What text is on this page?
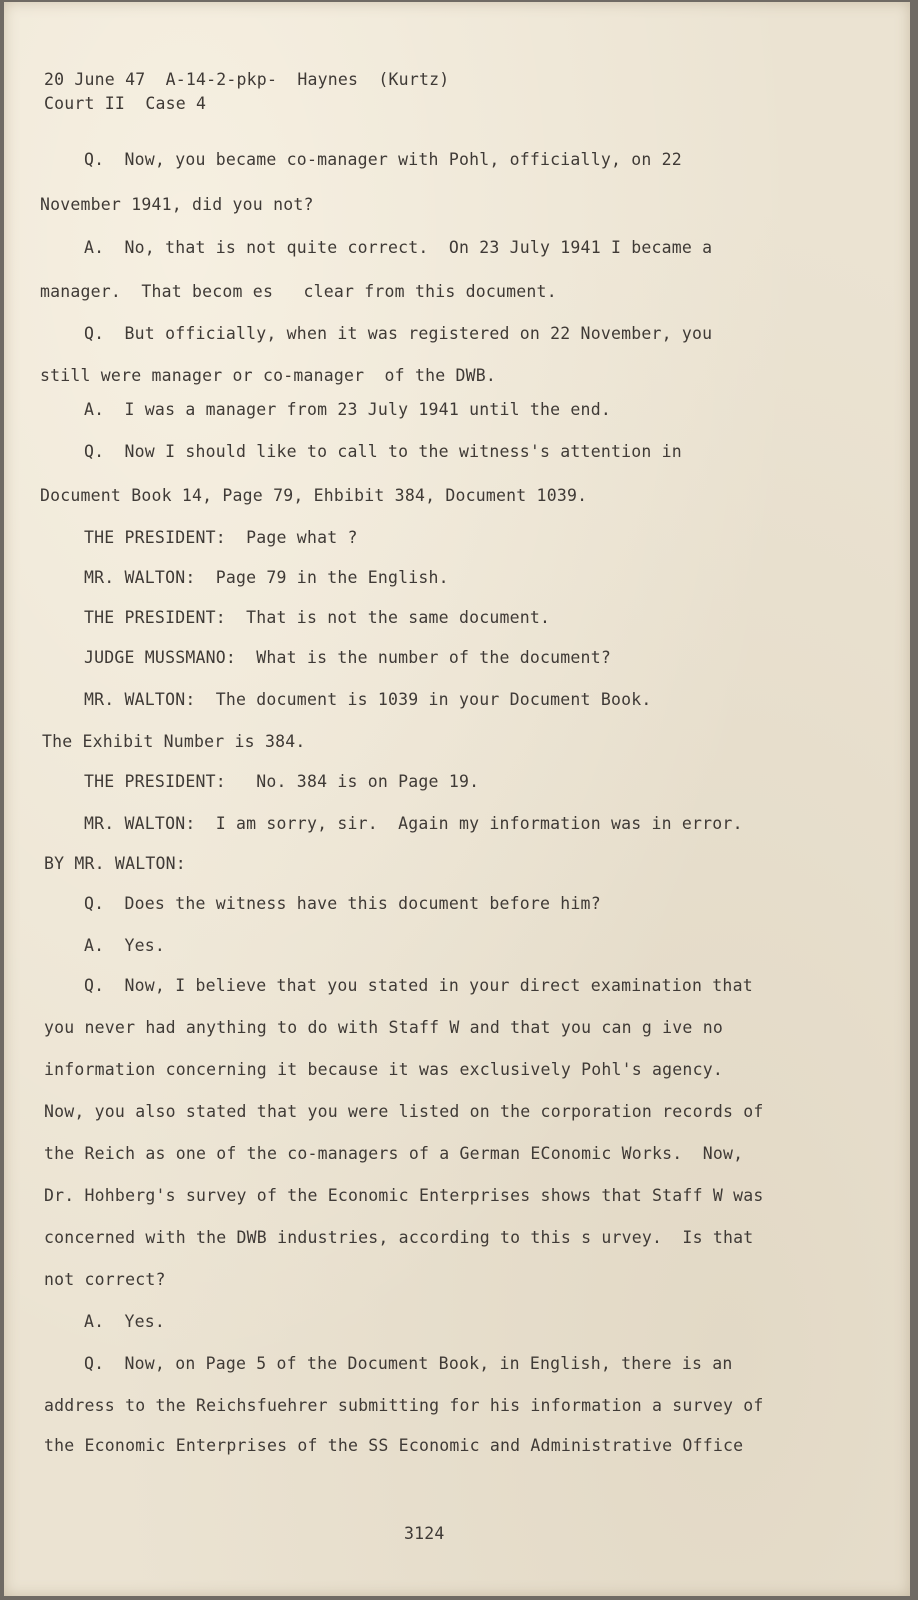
20 June 47  A-14-2-pkp-  Haynes  (Kurtz)
Court II  Case 4
Q.  Now, you became co-manager with Pohl, officially, on 22
November 1941, did you not?
A.  No, that is not quite correct.  On 23 July 1941 I became a
manager.  That becom es   clear from this document.
Q.  But officially, when it was registered on 22 November, you
still were manager or co-manager  of the DWB.
A.  I was a manager from 23 July 1941 until the end.
Q.  Now I should like to call to the witness's attention in
Document Book 14, Page 79, Ehbibit 384, Document 1039.
THE PRESIDENT:  Page what ?
MR. WALTON:  Page 79 in the English.
THE PRESIDENT:  That is not the same document.
JUDGE MUSSMANO:  What is the number of the document?
MR. WALTON:  The document is 1039 in your Document Book.
The Exhibit Number is 384.
THE PRESIDENT:   No. 384 is on Page 19.
MR. WALTON:  I am sorry, sir.  Again my information was in error.
BY MR. WALTON:
Q.  Does the witness have this document before him?
A.  Yes.
Q.  Now, I believe that you stated in your direct examination that
you never had anything to do with Staff W and that you can g ive no
information concerning it because it was exclusively Pohl's agency.
Now, you also stated that you were listed on the corporation records of
the Reich as one of the co-managers of a German EConomic Works.  Now,
Dr. Hohberg's survey of the Economic Enterprises shows that Staff W was
concerned with the DWB industries, according to this s urvey.  Is that
not correct?
A.  Yes.
Q.  Now, on Page 5 of the Document Book, in English, there is an
address to the Reichsfuehrer submitting for his information a survey of
the Economic Enterprises of the SS Economic and Administrative Office
3124
